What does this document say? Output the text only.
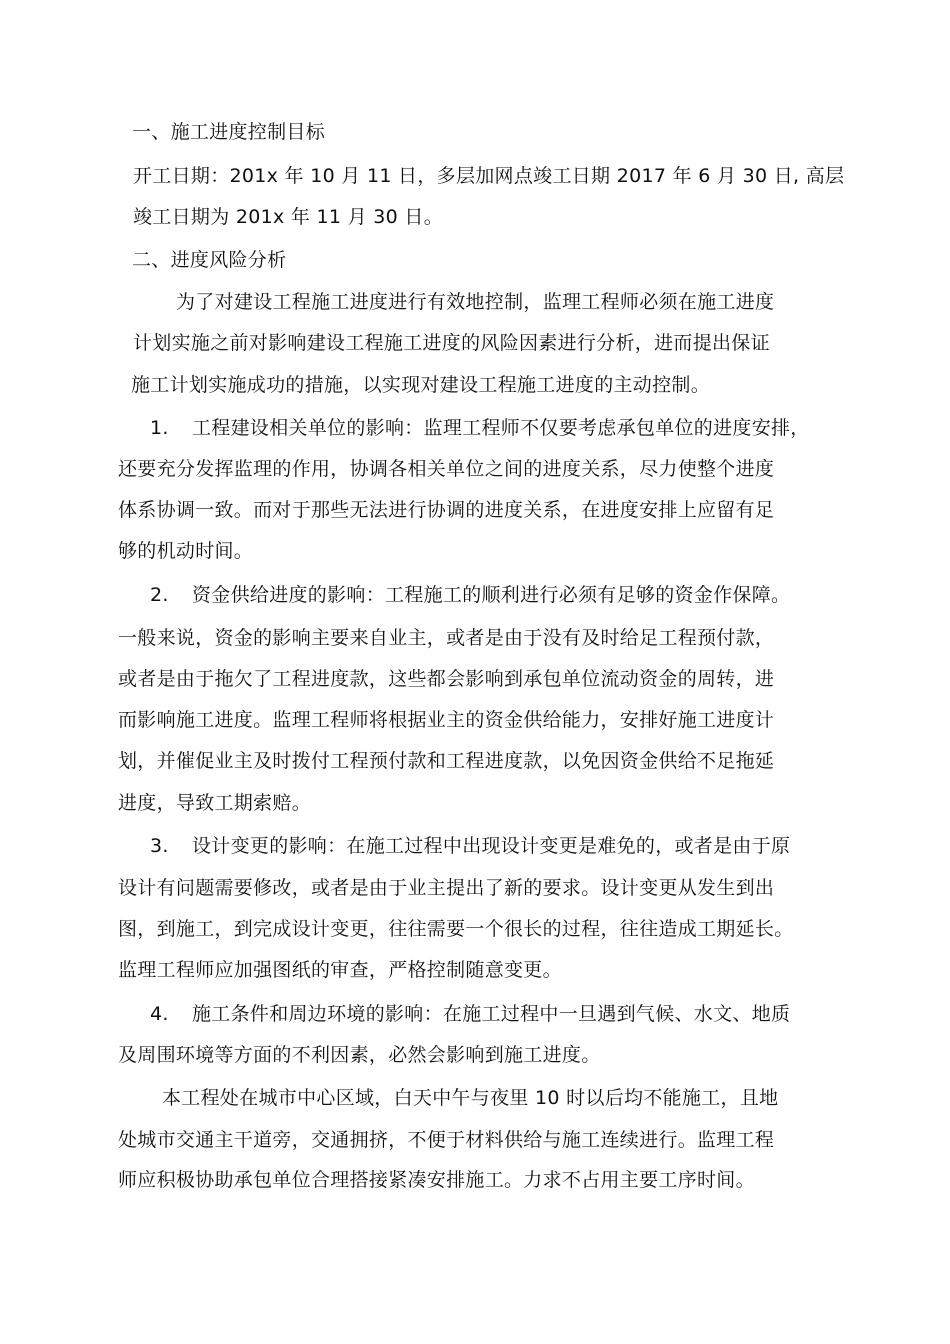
一、施工进度控制目标
开工日期：201x 年 10 月 11 日，多层加网点竣工日期 2017 年 6 月 30 日, 高层
竣工日期为 201x 年 11 月 30 日。
二、进度风险分析
为了对建设工程施工进度进行有效地控制，监理工程师必须在施工进度
计划实施之前对影响建设工程施工进度的风险因素进行分析，进而提出保证
施工计划实施成功的措施，以实现对建设工程施工进度的主动控制。
1. 工程建设相关单位的影响：监理工程师不仅要考虑承包单位的进度安排，
还要充分发挥监理的作用，协调各相关单位之间的进度关系，尽力使整个进度
体系协调一致。而对于那些无法进行协调的进度关系，在进度安排上应留有足
够的机动时间。
2. 资金供给进度的影响：工程施工的顺利进行必须有足够的资金作保障。
一般来说，资金的影响主要来自业主，或者是由于没有及时给足工程预付款，
或者是由于拖欠了工程进度款，这些都会影响到承包单位流动资金的周转，进
而影响施工进度。监理工程师将根据业主的资金供给能力，安排好施工进度计
划，并催促业主及时拨付工程预付款和工程进度款，以免因资金供给不足拖延
进度，导致工期索赔。
3. 设计变更的影响：在施工过程中出现设计变更是难免的，或者是由于原
设计有问题需要修改，或者是由于业主提出了新的要求。设计变更从发生到出
图，到施工，到完成设计变更，往往需要一个很长的过程，往往造成工期延长。
监理工程师应加强图纸的审查，严格控制随意变更。
4. 施工条件和周边环境的影响：在施工过程中一旦遇到气候、水文、地质
及周围环境等方面的不利因素，必然会影响到施工进度。
本工程处在城市中心区域，白天中午与夜里 10 时以后均不能施工，且地
处城市交通主干道旁，交通拥挤，不便于材料供给与施工连续进行。监理工程
师应积极协助承包单位合理搭接紧凑安排施工。力求不占用主要工序时间。
